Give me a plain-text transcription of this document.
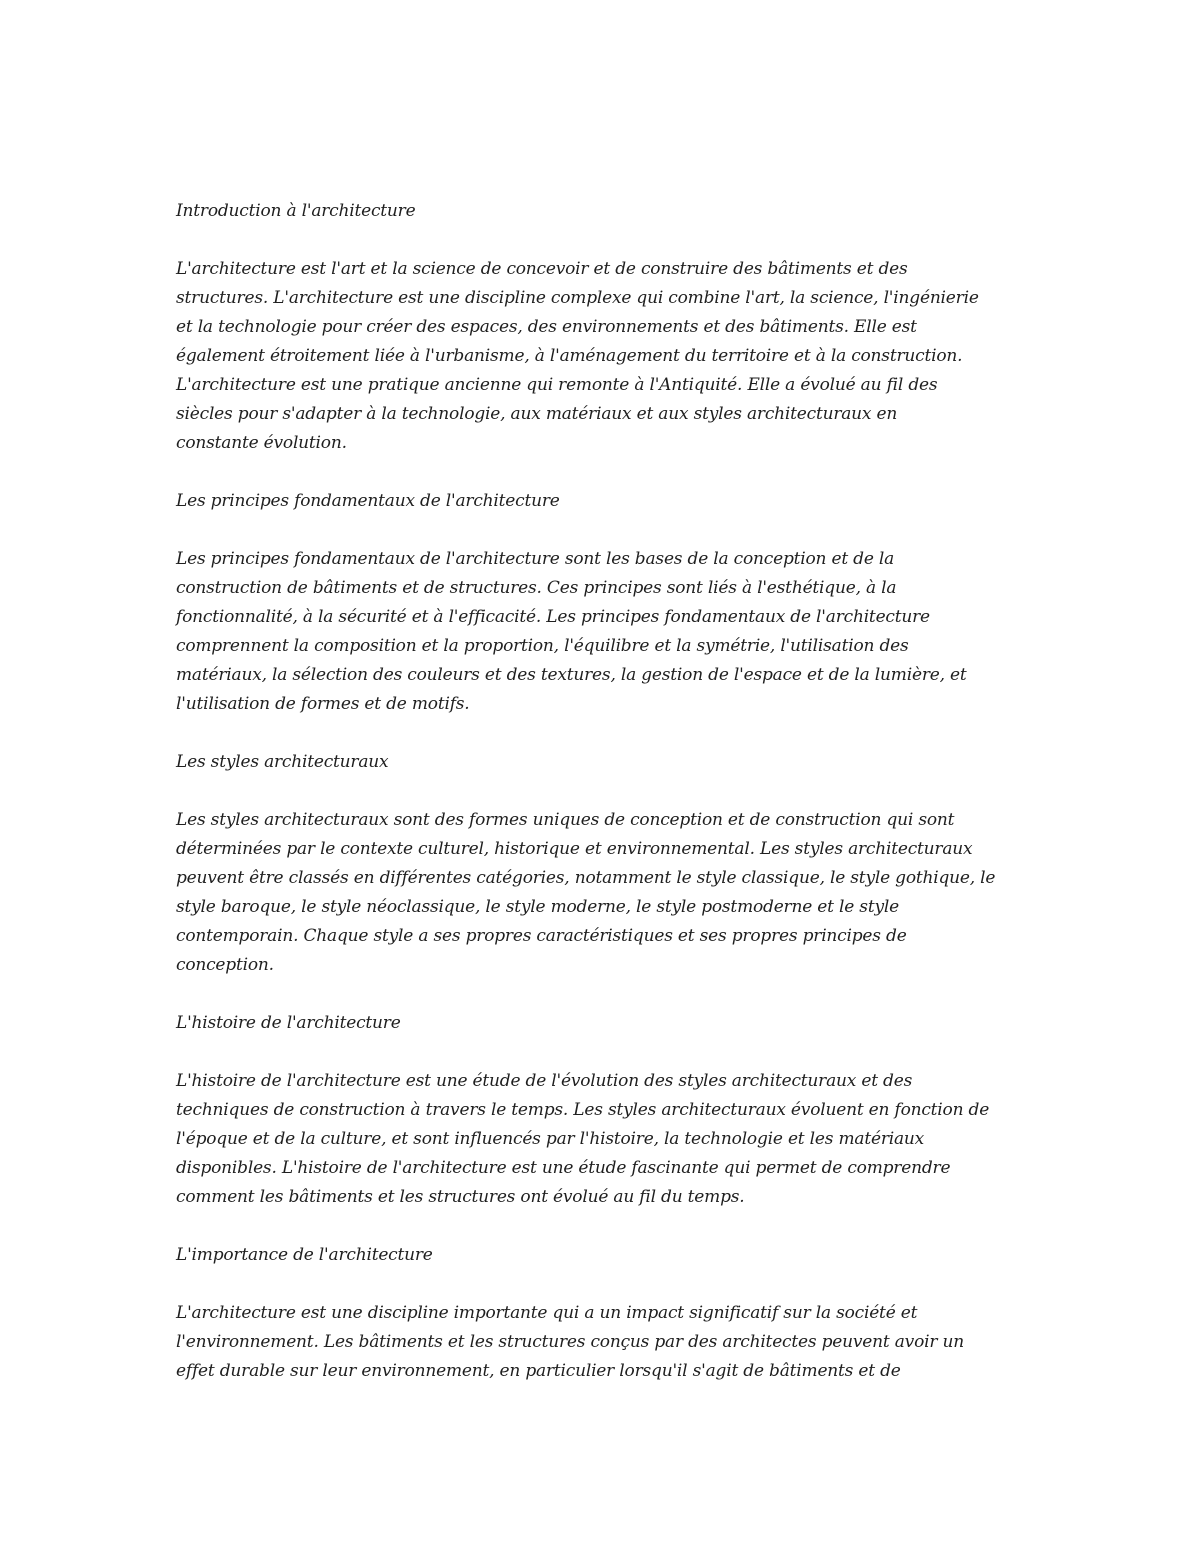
Introduction à l'architecture

L'architecture est l'art et la science de concevoir et de construire des bâtiments et des
structures. L'architecture est une discipline complexe qui combine l'art, la science, l'ingénierie
et la technologie pour créer des espaces, des environnements et des bâtiments. Elle est
également étroitement liée à l'urbanisme, à l'aménagement du territoire et à la construction.
L'architecture est une pratique ancienne qui remonte à l'Antiquité. Elle a évolué au fil des
siècles pour s'adapter à la technologie, aux matériaux et aux styles architecturaux en
constante évolution.

Les principes fondamentaux de l'architecture

Les principes fondamentaux de l'architecture sont les bases de la conception et de la
construction de bâtiments et de structures. Ces principes sont liés à l'esthétique, à la
fonctionnalité, à la sécurité et à l'efficacité. Les principes fondamentaux de l'architecture
comprennent la composition et la proportion, l'équilibre et la symétrie, l'utilisation des
matériaux, la sélection des couleurs et des textures, la gestion de l'espace et de la lumière, et
l'utilisation de formes et de motifs.

Les styles architecturaux

Les styles architecturaux sont des formes uniques de conception et de construction qui sont
déterminées par le contexte culturel, historique et environnemental. Les styles architecturaux
peuvent être classés en différentes catégories, notamment le style classique, le style gothique, le
style baroque, le style néoclassique, le style moderne, le style postmoderne et le style
contemporain. Chaque style a ses propres caractéristiques et ses propres principes de
conception.

L'histoire de l'architecture

L'histoire de l'architecture est une étude de l'évolution des styles architecturaux et des
techniques de construction à travers le temps. Les styles architecturaux évoluent en fonction de
l'époque et de la culture, et sont influencés par l'histoire, la technologie et les matériaux
disponibles. L'histoire de l'architecture est une étude fascinante qui permet de comprendre
comment les bâtiments et les structures ont évolué au fil du temps.

L'importance de l'architecture

L'architecture est une discipline importante qui a un impact significatif sur la société et
l'environnement. Les bâtiments et les structures conçus par des architectes peuvent avoir un
effet durable sur leur environnement, en particulier lorsqu'il s'agit de bâtiments et de
